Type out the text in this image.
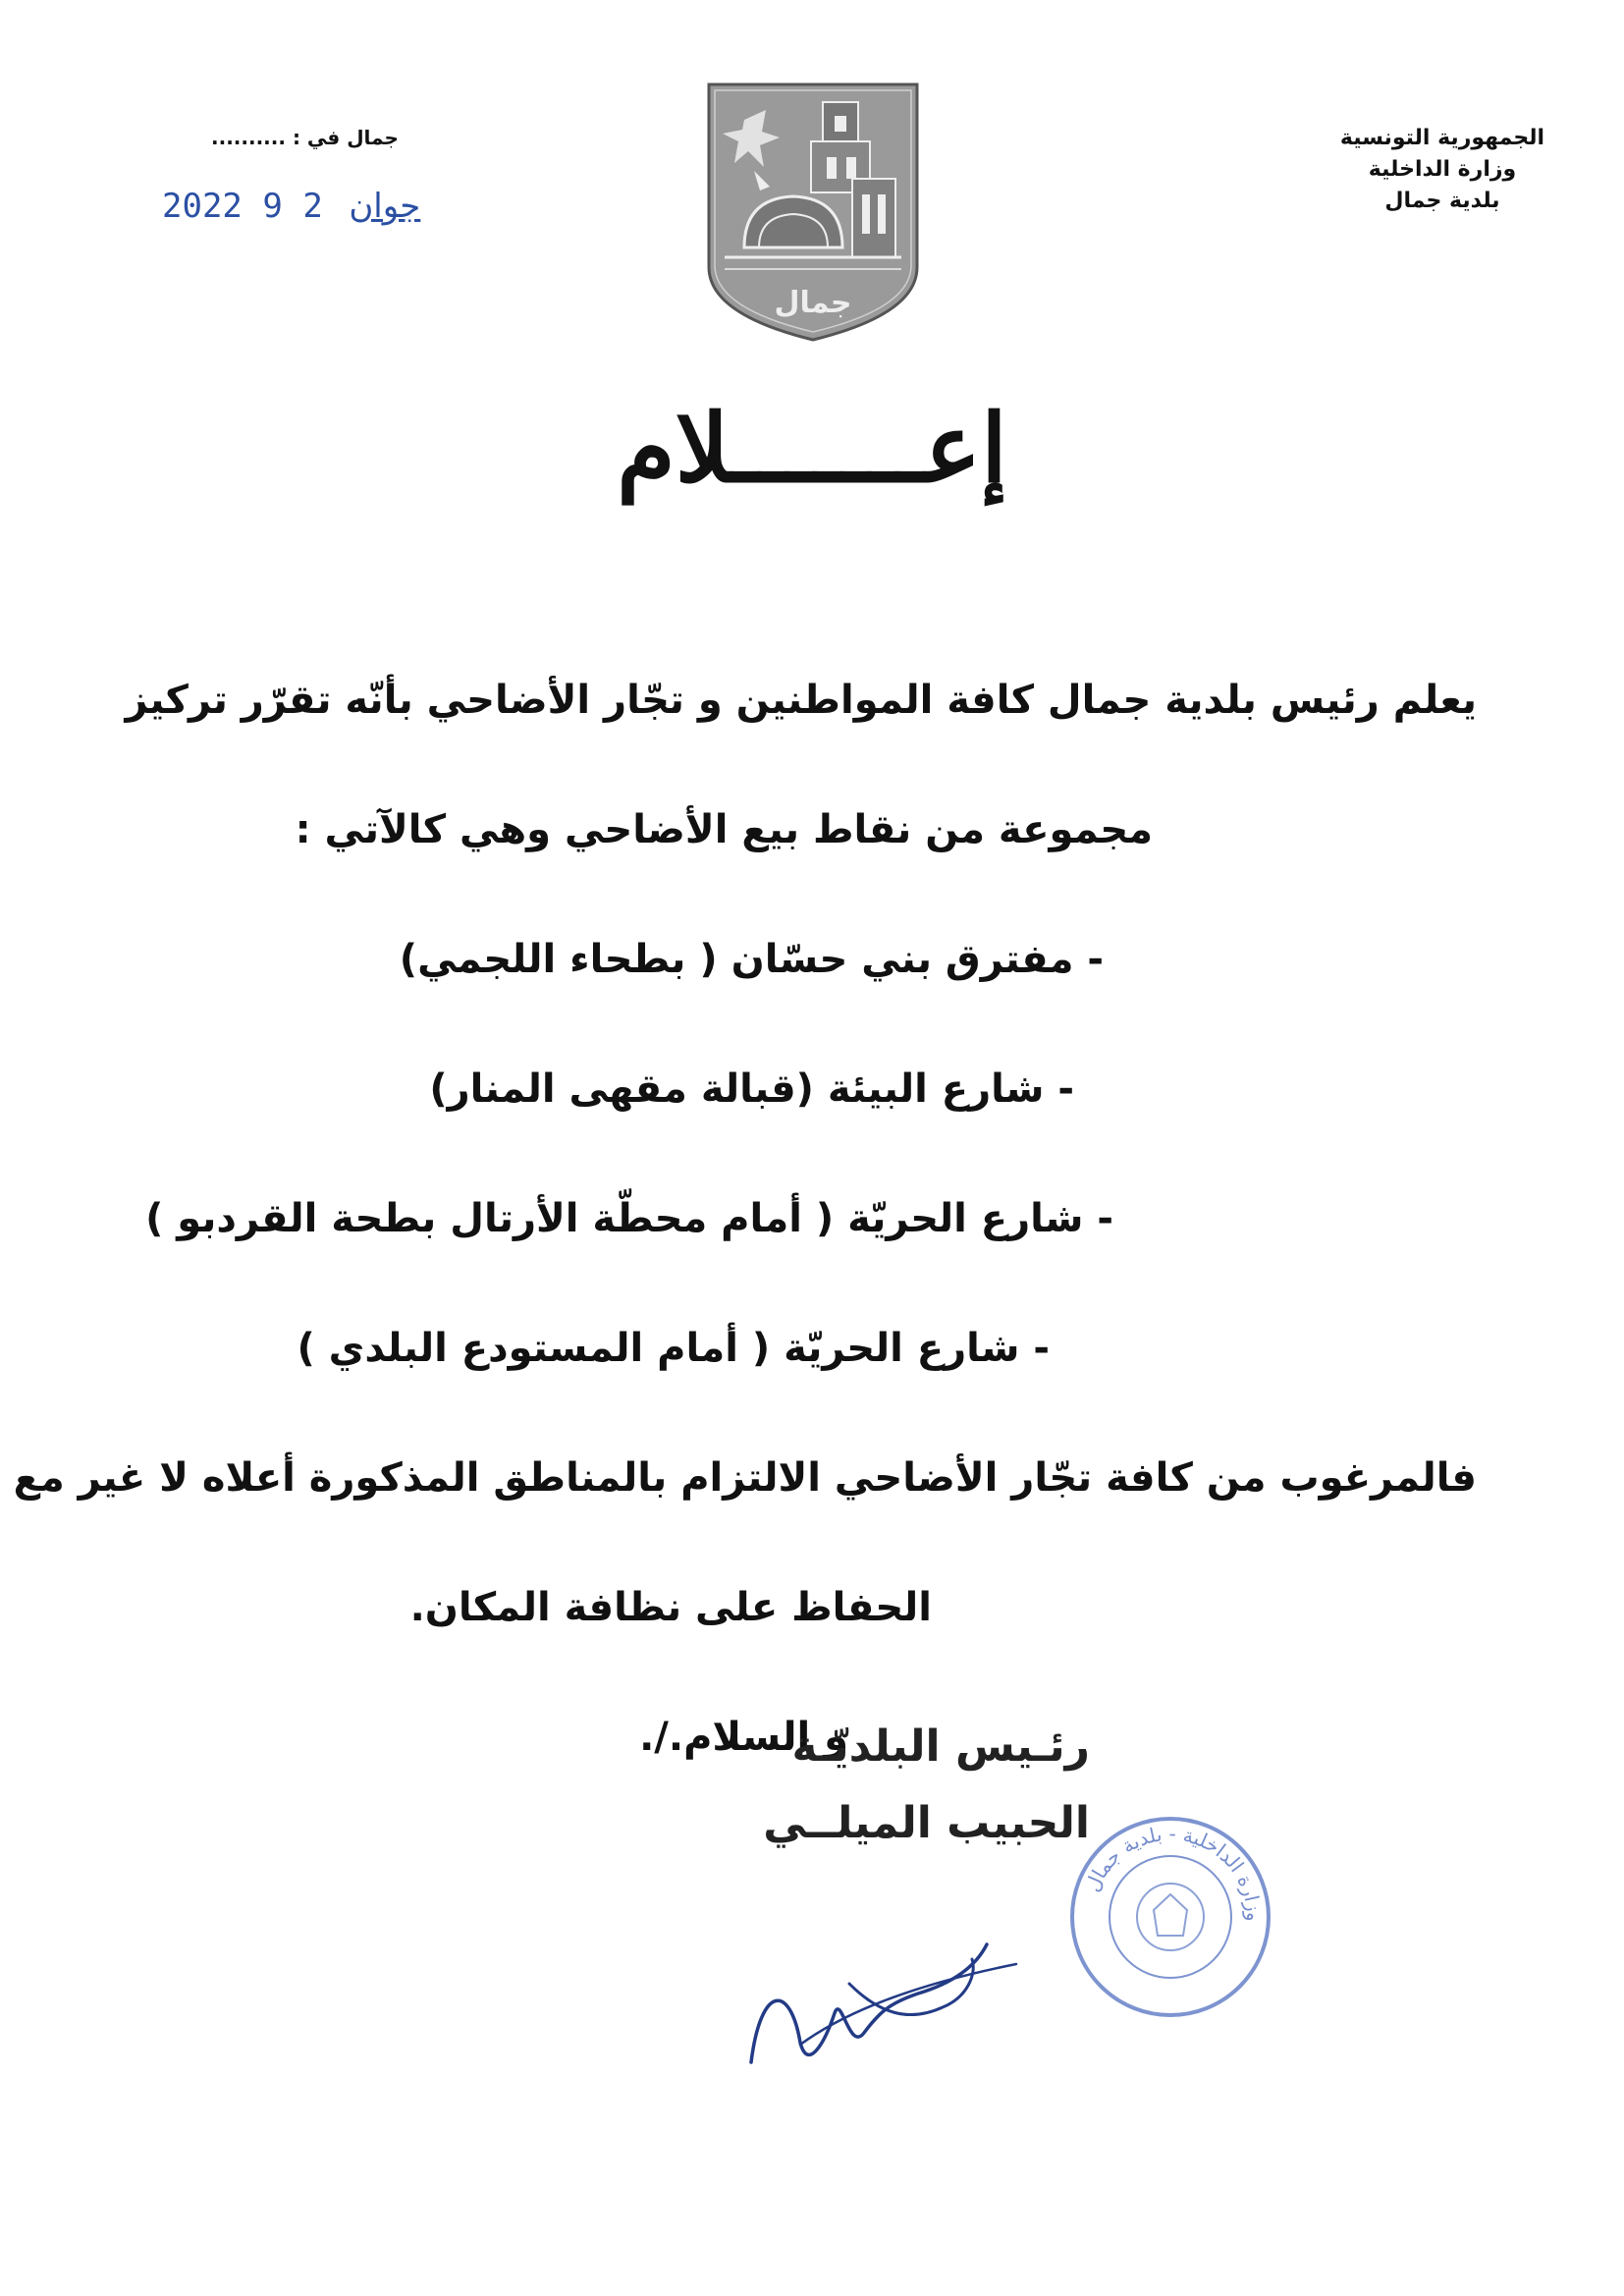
الجمهورية التونسية
وزارة الداخلية
بلدية جمال
جمال في : ..........
2022	جوان 2 9
جمال
إعـــــــلام
يعلم رئيس بلدية جمال كافة المواطنين و تجّار الأضاحي بأنّه تقرّر تركيز
مجموعة من نقاط بيع الأضاحي وهي كالآتي :
- مفترق بني حسّان ( بطحاء اللجمي)
- شارع البيئة (قبالة مقهى المنار)
- شارع الحريّة ( أمام محطّة الأرتال بطحة القردبو )
- شارع الحريّة ( أمام المستودع البلدي )
فالمرغوب من كافة تجّار الأضاحي الالتزام بالمناطق المذكورة أعلاه لا غير مع
الحفاظ على نظافة المكان.
و السلام./.
رئـيس البلديّـة
الحبيب الميلــي
وزارة الداخلية - بلدية جمال
